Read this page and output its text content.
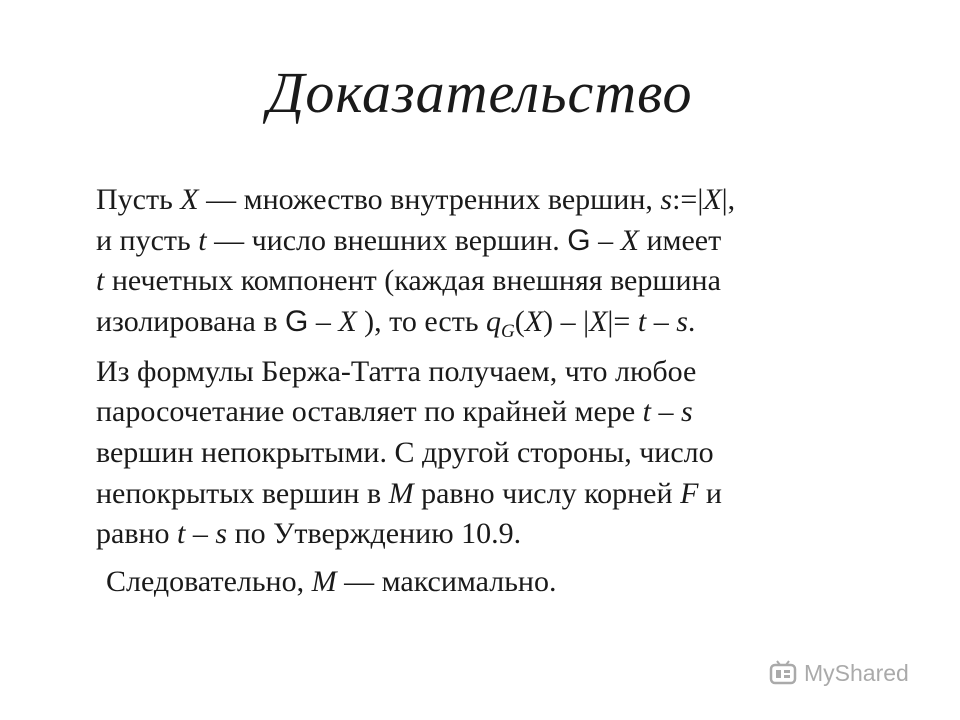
Доказательство
Пусть X — множество внутренних вершин, s:=|X|,
и пусть t — число внешних вершин. G – X имеет
t нечетных компонент (каждая внешняя вершина
изолирована в G – X ), то есть $q_G(X) - |X|= t - s$.
Из формулы Бержа-Татта получаем, что любое
паросочетание оставляет по крайней мере t – s
вершин непокрытыми. С другой стороны, число
непокрытых вершин в M равно числу корней F и
равно t – s по Утверждению 10.9.
Следовательно, M — максимально.
MyShared
